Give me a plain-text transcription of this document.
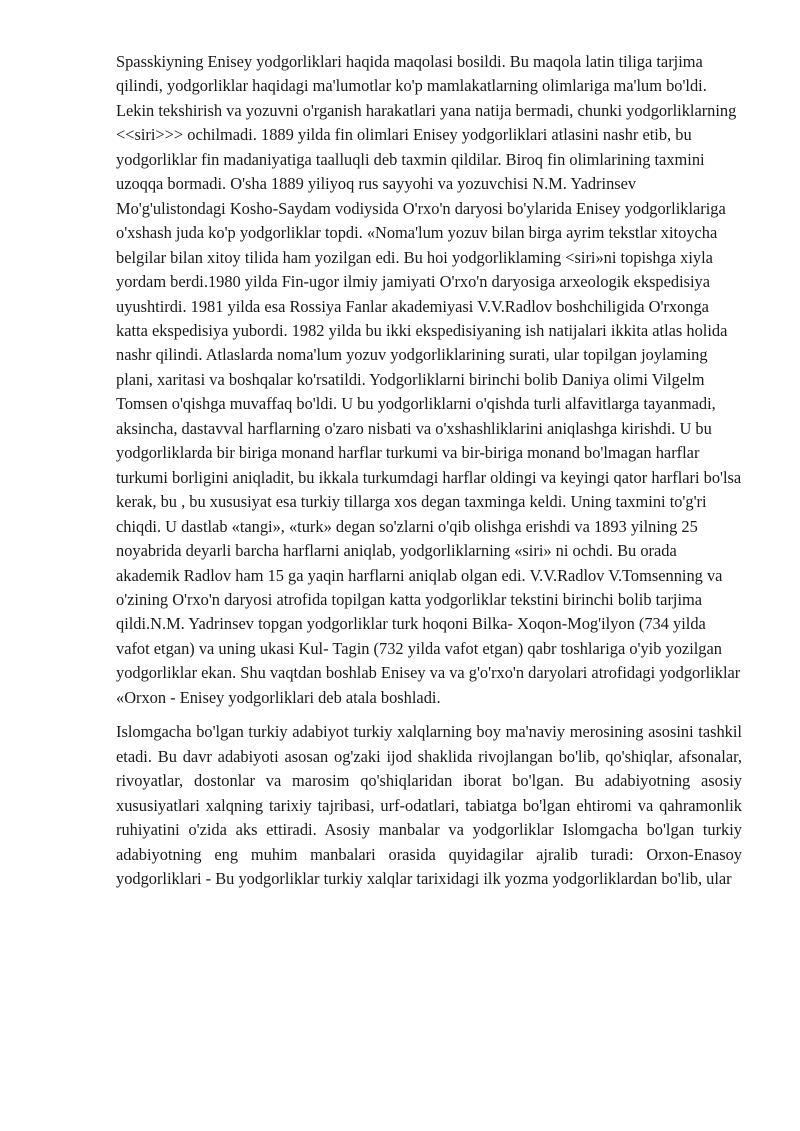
Spasskiyning Enisey yodgorliklari haqida maqolasi bosildi. Bu maqola latin tiliga tarjima qilindi, yodgorliklar haqidagi ma'lumotlar ko'p mamlakatlarning olimlariga ma'lum bo'ldi. Lekin tekshirish va yozuvni o'rganish harakatlari yana natija bermadi, chunki yodgorliklarning <<siri>>> ochilmadi. 1889 yilda fin olimlari Enisey yodgorliklari atlasini nashr etib, bu yodgorliklar fin madaniyatiga taalluqli deb taxmin qildilar. Biroq fin olimlarining taxmini uzoqqa bormadi. O'sha 1889 yiliyoq rus sayyohi va yozuvchisi N.M. Yadrinsev Mo'g'ulistondagi Kosho-Saydam vodiysida O'rxo'n daryosi bo'ylarida Enisey yodgorliklariga o'xshash juda ko'p yodgorliklar topdi. «Noma'lum yozuv bilan birga ayrim tekstlar xitoycha belgilar bilan xitoy tilida ham yozilgan edi. Bu hoi yodgorliklaming <siri»ni topishga xiyla yordam berdi.1980 yilda Fin-ugor ilmiy jamiyati O'rxo'n daryosiga arxeologik ekspedisiya uyushtirdi. 1981 yilda esa Rossiya Fanlar akademiyasi V.V.Radlov boshchiligida O'rxonga katta ekspedisiya yubordi. 1982 yilda bu ikki ekspedisiyaning ish natijalari ikkita atlas holida nashr qilindi. Atlaslarda noma'lum yozuv yodgorliklarining surati, ular topilgan joylaming plani, xaritasi va boshqalar ko'rsatildi. Yodgorliklarni birinchi bolib Daniya olimi Vilgelm Tomsen o'qishga muvaffaq bo'ldi. U bu yodgorliklarni o'qishda turli alfavitlarga tayanmadi, aksincha, dastavval harflarning o'zaro nisbati va o'xshashliklarini aniqlashga kirishdi. U bu yodgorliklarda bir biriga monand harflar turkumi va bir-biriga monand bo'lmagan harflar turkumi borligini aniqladit, bu ikkala turkumdagi harflar oldingi va keyingi qator harflari bo'lsa kerak, bu , bu xususiyat esa turkiy tillarga xos degan taxminga keldi. Uning taxmini to'g'ri chiqdi. U dastlab «tangi», «turk» degan so'zlarni o'qib olishga erishdi va 1893 yilning 25 noyabrida deyarli barcha harflarni aniqlab, yodgorliklarning «siri» ni ochdi. Bu orada akademik Radlov ham 15 ga yaqin harflarni aniqlab olgan edi. V.V.Radlov V.Tomsenning va o'zining O'rxo'n daryosi atrofida topilgan katta yodgorliklar tekstini birinchi bolib tarjima qildi.N.M. Yadrinsev topgan yodgorliklar turk hoqoni Bilka- Xoqon-Mog'ilyon (734 yilda vafot etgan) va uning ukasi Kul- Tagin (732 yilda vafot etgan) qabr toshlariga o'yib yozilgan yodgorliklar ekan. Shu vaqtdan boshlab Enisey va va g'o'rxo'n daryolari atrofidagi yodgorliklar «Orxon - Enisey yodgorliklari deb atala boshladi.

Islomgacha bo'lgan turkiy adabiyot turkiy xalqlarning boy ma'naviy merosining asosini tashkil etadi. Bu davr adabiyoti asosan og'zaki ijod shaklida rivojlangan bo'lib, qo'shiqlar, afsonalar, rivoyatlar, dostonlar va marosim qo'shiqlaridan iborat bo'lgan. Bu adabiyotning asosiy xususiyatlari xalqning tarixiy tajribasi, urf-odatlari, tabiatga bo'lgan ehtiromi va qahramonlik ruhiyatini o'zida aks ettiradi. Asosiy manbalar va yodgorliklar Islomgacha bo'lgan turkiy adabiyotning eng muhim manbalari orasida quyidagilar ajralib turadi: Orxon-Enasoy yodgorliklari - Bu yodgorliklar turkiy xalqlar tarixidagi ilk yozma yodgorliklardan bo'lib, ular
